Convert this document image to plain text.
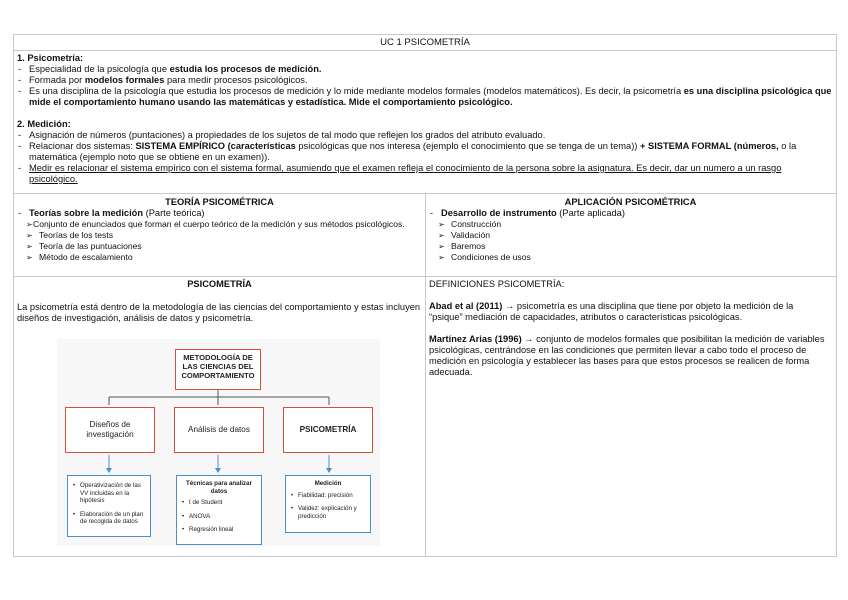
UC 1 PSICOMETRÍA
1. Psicometría:
- Especialidad de la psicología que estudia los procesos de medición.
- Formada por modelos formales para medir procesos psicológicos.
- Es una disciplina de la psicología que estudia los procesos de medición y lo mide mediante modelos formales (modelos matemáticos). Es decir, la psicometría es una disciplina psicológica que mide el comportamiento humano usando las matemáticas y estadística. Mide el comportamiento psicológico.
2. Medición:
- Asignación de números (puntaciones) a propiedades de los sujetos de tal modo que reflejen los grados del atributo evaluado.
- Relacionar dos sistemas: SISTEMA EMPÍRICO (características psicológicas que nos interesa (ejemplo el conocimiento que se tenga de un tema)) + SISTEMA FORMAL (números, o la matemática (ejemplo noto que se obtiene en un examen)).
- Medir es relacionar el sistema empírico con el sistema formal, asumiendo que el examen refleja el conocimiento de la persona sobre la asignatura. Es decir, dar un numero a un rasgo psicológico.
TEORÍA PSICOMÉTRICA
- Teorías sobre la medición (Parte teórica)
➢ Conjunto de enunciados que forman el cuerpo teórico de la medición y sus métodos psicológicos.
➢ Teorías de los tests
➢ Teoría de las puntuaciones
➢ Método de escalamiento
APLICACIÓN PSICOMÉTRICA
- Desarrollo de instrumento (Parte aplicada)
➢ Construcción
➢ Validación
➢ Baremos
➢ Condiciones de usos
PSICOMETRÍA

La psicometría está dentro de la metodología de las ciencias del comportamiento y estas incluyen diseños de investigación, análisis de datos y psicometría.

METODOLOGÍA DE LAS CIENCIAS DEL COMPORTAMIENTO
Diseños de investigación
Análisis de datos	PSICOMETRÍA
• Operativización de las VV incluidas en la hipótesis
• Elaboración de un plan de recogida de datos
Técnicas para analizar datos
• t de Student
• ANOVA
• Regresión lineal
Medición
• Fiabilidad: precisión
• Validez: explicación y predicción
DEFINICIONES PSICOMETRÍA:

Abad et al (2011) → psicometría es una disciplina que tiene por objeto la medición de la “psique” mediación de capacidades, atributos o características psicológicas.

Martínez Arias (1996) → conjunto de modelos formales que posibilitan la medición de variables psicológicas, centrándose en las condiciones que permiten llevar a cabo todo el proceso de medición en psicología y establecer las bases para que estos procesos se realicen de forma adecuada.
